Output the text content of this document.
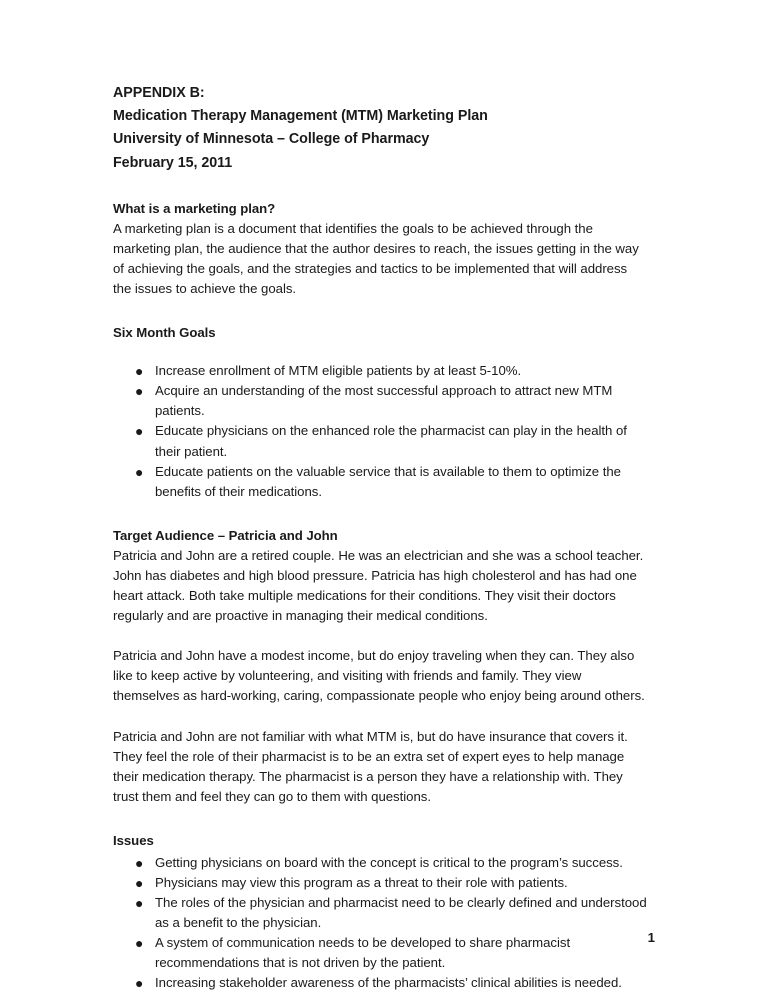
APPENDIX B:
Medication Therapy Management (MTM) Marketing Plan
University of Minnesota – College of Pharmacy
February 15, 2011
What is a marketing plan?

A marketing plan is a document that identifies the goals to be achieved through the marketing plan, the audience that the author desires to reach, the issues getting in the way of achieving the goals, and the strategies and tactics to be implemented that will address the issues to achieve the goals.

Six Month Goals
● Increase enrollment of MTM eligible patients by at least 5-10%.
● Acquire an understanding of the most successful approach to attract new MTM patients.
● Educate physicians on the enhanced role the pharmacist can play in the health of their patient.
● Educate patients on the valuable service that is available to them to optimize the benefits of their medications.
Target Audience – Patricia and John

Patricia and John are a retired couple. He was an electrician and she was a school teacher. John has diabetes and high blood pressure. Patricia has high cholesterol and has had one heart attack. Both take multiple medications for their conditions. They visit their doctors regularly and are proactive in managing their medical conditions.

Patricia and John have a modest income, but do enjoy traveling when they can. They also like to keep active by volunteering, and visiting with friends and family. They view themselves as hard-working, caring, compassionate people who enjoy being around others.

Patricia and John are not familiar with what MTM is, but do have insurance that covers it. They feel the role of their pharmacist is to be an extra set of expert eyes to help manage their medication therapy. The pharmacist is a person they have a relationship with. They trust them and feel they can go to them with questions.

Issues
● Getting physicians on board with the concept is critical to the program’s success.
● Physicians may view this program as a threat to their role with patients.
● The roles of the physician and pharmacist need to be clearly defined and understood as a benefit to the physician.
● A system of communication needs to be developed to share pharmacist recommendations that is not driven by the patient.
● Increasing stakeholder awareness of the pharmacists’ clinical abilities is needed.
1
